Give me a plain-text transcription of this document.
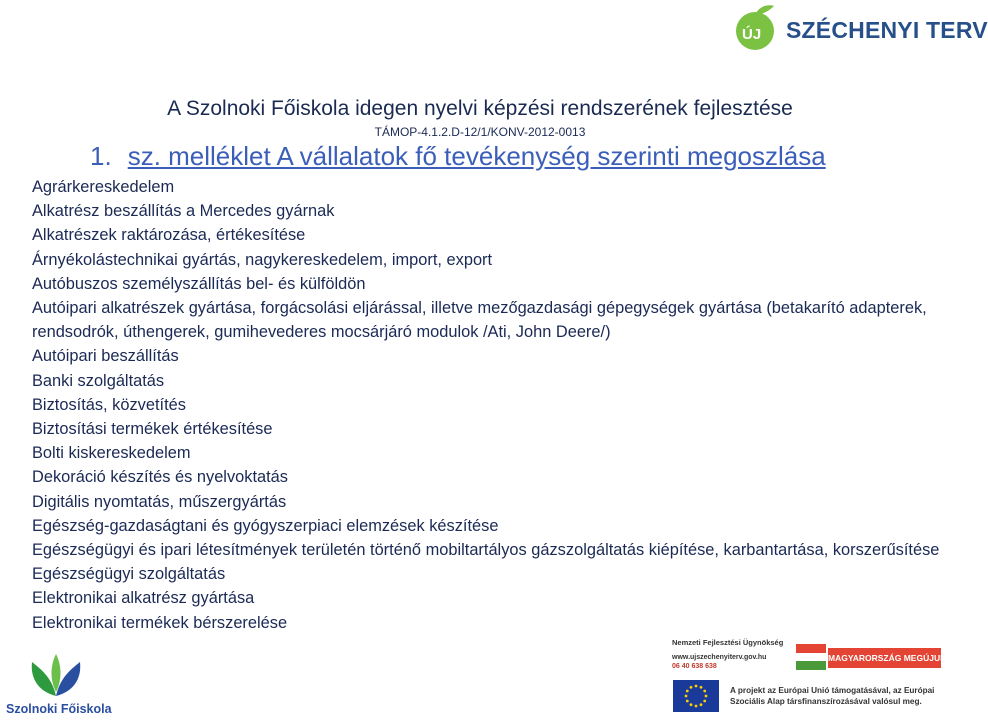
ÚJ SZÉCHENYI TERV
A Szolnoki Főiskola idegen nyelvi képzési rendszerének fejlesztése
TÁMOP-4.1.2.D-12/1/KONV-2012-0013
1. sz. melléklet A vállalatok fő tevékenység szerinti megoszlása
Agrárkereskedelem
Alkatrész beszállítás a Mercedes gyárnak
Alkatrészek raktározása, értékesítése
Árnyékolástechnikai gyártás, nagykereskedelem, import, export
Autóbuszos személyszállítás bel- és külföldön
Autóipari alkatrészek gyártása, forgácsolási eljárással, illetve mezőgazdasági gépegységek gyártása (betakarító adapterek, rendsodrók, úthengerek, gumihevederes mocsárjáró modulok /Ati, John Deere/)
Autóipari beszállítás
Banki szolgáltatás
Biztosítás, közvetítés
Biztosítási termékek értékesítése
Bolti kiskereskedelem
Dekoráció készítés és nyelvoktatás
Digitális nyomtatás, műszergyártás
Egészség-gazdaságtani és gyógyszerpiaci elemzések készítése
Egészségügyi és ipari létesítmények területén történő mobiltartályos gázszolgáltatás kiépítése, karbantartása, korszerűsítése
Egészségügyi szolgáltatás
Elektronikai alkatrész gyártása
Elektronikai termékek bérszerelése
Szolnoki Főiskola
Nemzeti Fejlesztési Ügynökség
www.ujszechenyiterv.gov.hu
06 40 638 638
MAGYARORSZÁG MEGÚJUL
A projekt az Európai Unió támogatásával, az Európai
Szociális Alap társfinanszírozásával valósul meg.
